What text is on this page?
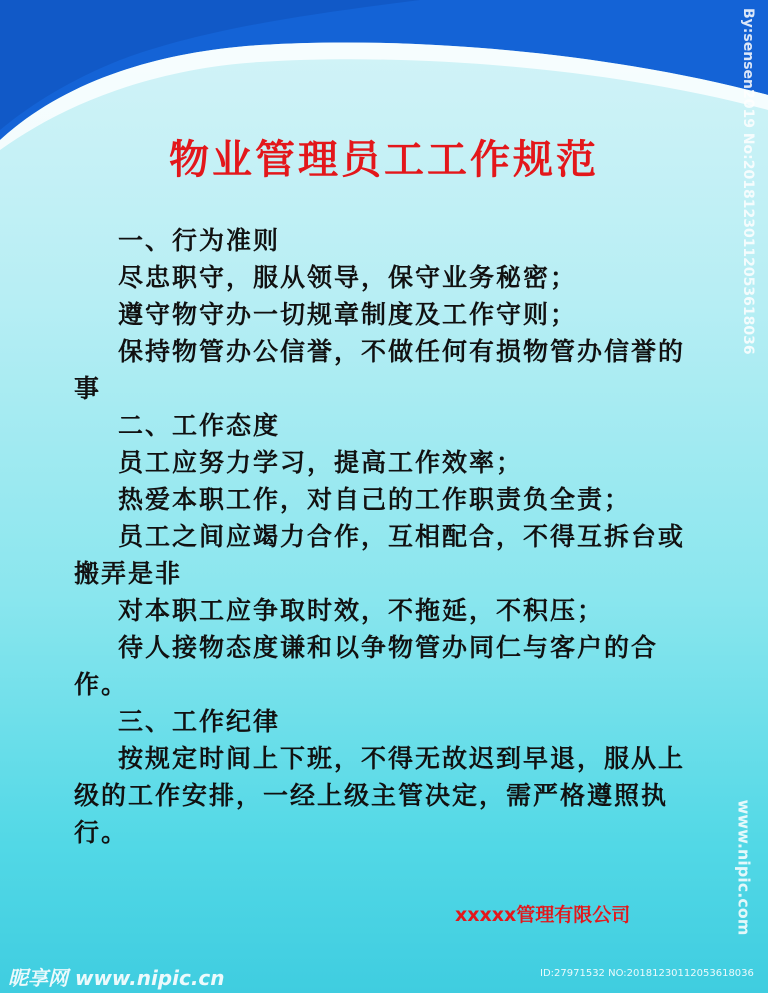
物业管理员工工作规范

一、行为准则

尽忠职守，服从领导，保守业务秘密；

遵守物守办一切规章制度及工作守则；

保持物管办公信誉，不做任何有损物管办信誉的事

二、工作态度

员工应努力学习，提高工作效率；

热爱本职工作，对自己的工作职责负全责；

员工之间应竭力合作，互相配合，不得互拆台或搬弄是非

对本职工应争取时效，不拖延，不积压；

待人接物态度谦和以争物管办同仁与客户的合作。

三、工作纪律

按规定时间上下班，不得无故迟到早退，服从上级的工作安排，一经上级主管决定，需严格遵照执行。

xxxxx管理有限公司
By:sensen2019 No:20181230112053618036
www.nipic.com
昵享网 www.nipic.cn	ID:27971532 NO:20181230112053618036
